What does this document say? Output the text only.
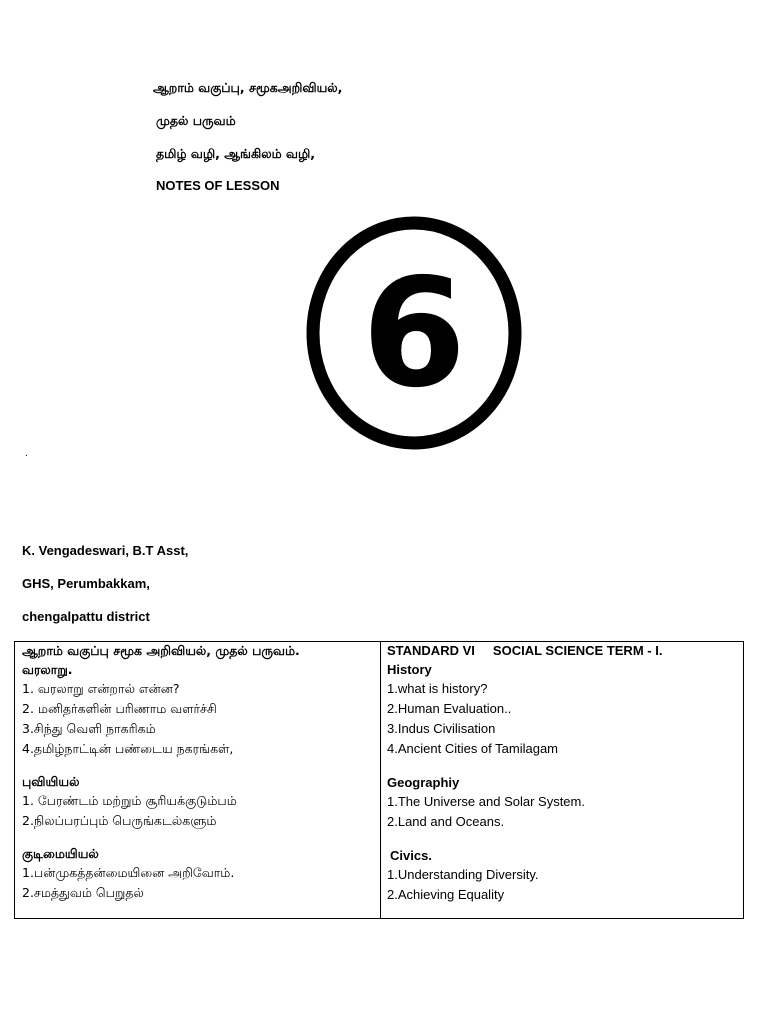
ஆறாம் வகுப்பு, சமூகஅறிவியல்,
முதல் பருவம்
தமிழ் வழி, ஆங்கிலம் வழி,
NOTES OF LESSON
6
.
K. Vengadeswari, B.T Asst,
GHS, Perumbakkam,
chengalpattu district
ஆறாம் வகுப்பு சமூக அறிவியல், முதல் பருவம்.
வரலாறு.
1. வரலாறு என்றால் என்ன?
2. மனிதர்களின் பரிணாம வளர்ச்சி
3.சிந்து வெளி நாகரிகம்
4.தமிழ்நாட்டின் பண்டைய நகரங்கள்,
புவியியல்
1. பேரண்டம் மற்றும் சூரியக்குடும்பம்
2.நிலப்பரப்பும் பெருங்கடல்களும்
குடிமையியல்
1.பன்முகத்தன்மையினை அறிவோம்.
2.சமத்துவம் பெறுதல்
STANDARD VI     SOCIAL SCIENCE TERM - I.
History
1.what is history?
2.Human Evaluation..
3.Indus Civilisation
4.Ancient Cities of Tamilagam
Geographiy
1.The Universe and Solar System.
2.Land and Oceans.
Civics.
1.Understanding Diversity.
2.Achieving Equality
